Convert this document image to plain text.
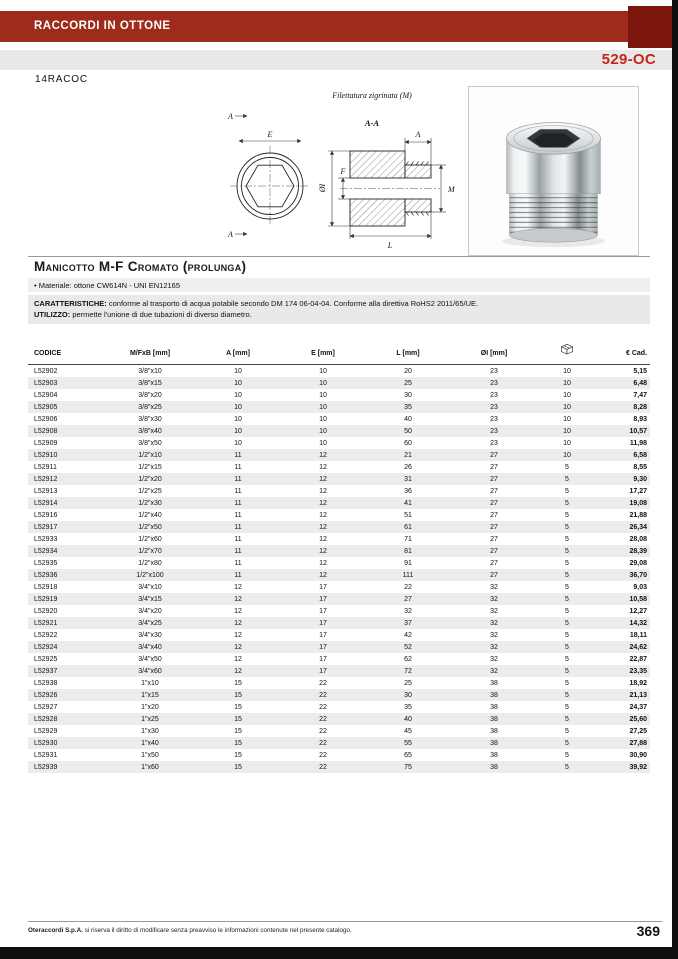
RACCORDI IN OTTONE
529-OC
14RACOC
Filettatura zigrinata (M)
E
A
A
A-A
ØI
F
M
A
L
Manicotto M-F Cromato (prolunga)
• Materiale: ottone CW614N - UNI EN12165
CARATTERISTICHE: conforme al trasporto di acqua potabile secondo DM 174 06-04-04. Conforme alla direttiva RoHS2 2011/65/UE.
UTILIZZO: permette l'unione di due tubazioni di diverso diametro.
CODICE	M/FxB [mm]	A [mm]	E [mm]	L [mm]	ØI [mm]		€ Cad.
L52902	3/8"x10	10	10	20	23	10	5,15
L52903	3/8"x15	10	10	25	23	10	6,48
L52904	3/8"x20	10	10	30	23	10	7,47
L52905	3/8"x25	10	10	35	23	10	8,28
L52906	3/8"x30	10	10	40	23	10	8,93
L52908	3/8"x40	10	10	50	23	10	10,57
L52909	3/8"x50	10	10	60	23	10	11,98
L52910	1/2"x10	11	12	21	27	10	6,58
L52911	1/2"x15	11	12	26	27	5	8,55
L52912	1/2"x20	11	12	31	27	5	9,30
L52913	1/2"x25	11	12	36	27	5	17,27
L52914	1/2"x30	11	12	41	27	5	19,08
L52916	1/2"x40	11	12	51	27	5	21,88
L52917	1/2"x50	11	12	61	27	5	26,34
L52933	1/2"x60	11	12	71	27	5	28,08
L52934	1/2"x70	11	12	81	27	5	28,39
L52935	1/2"x80	11	12	91	27	5	29,08
L52936	1/2"x100	11	12	111	27	5	36,70
L52918	3/4"x10	12	17	22	32	5	9,03
L52919	3/4"x15	12	17	27	32	5	10,58
L52920	3/4"x20	12	17	32	32	5	12,27
L52921	3/4"x25	12	17	37	32	5	14,32
L52922	3/4"x30	12	17	42	32	5	18,11
L52924	3/4"x40	12	17	52	32	5	24,62
L52925	3/4"x50	12	17	62	32	5	22,87
L52937	3/4"x60	12	17	72	32	5	23,35
L52938	1"x10	15	22	25	38	5	18,92
L52926	1"x15	15	22	30	38	5	21,13
L52927	1"x20	15	22	35	38	5	24,37
L52928	1"x25	15	22	40	38	5	25,60
L52929	1"x30	15	22	45	38	5	27,25
L52930	1"x40	15	22	55	38	5	27,88
L52931	1"x50	15	22	65	38	5	30,90
L52939	1"x60	15	22	75	38	5	39,92
Oteraccordi S.p.A. si riserva il diritto di modificare senza preavviso le informazioni contenute nel presente catalogo.	369
